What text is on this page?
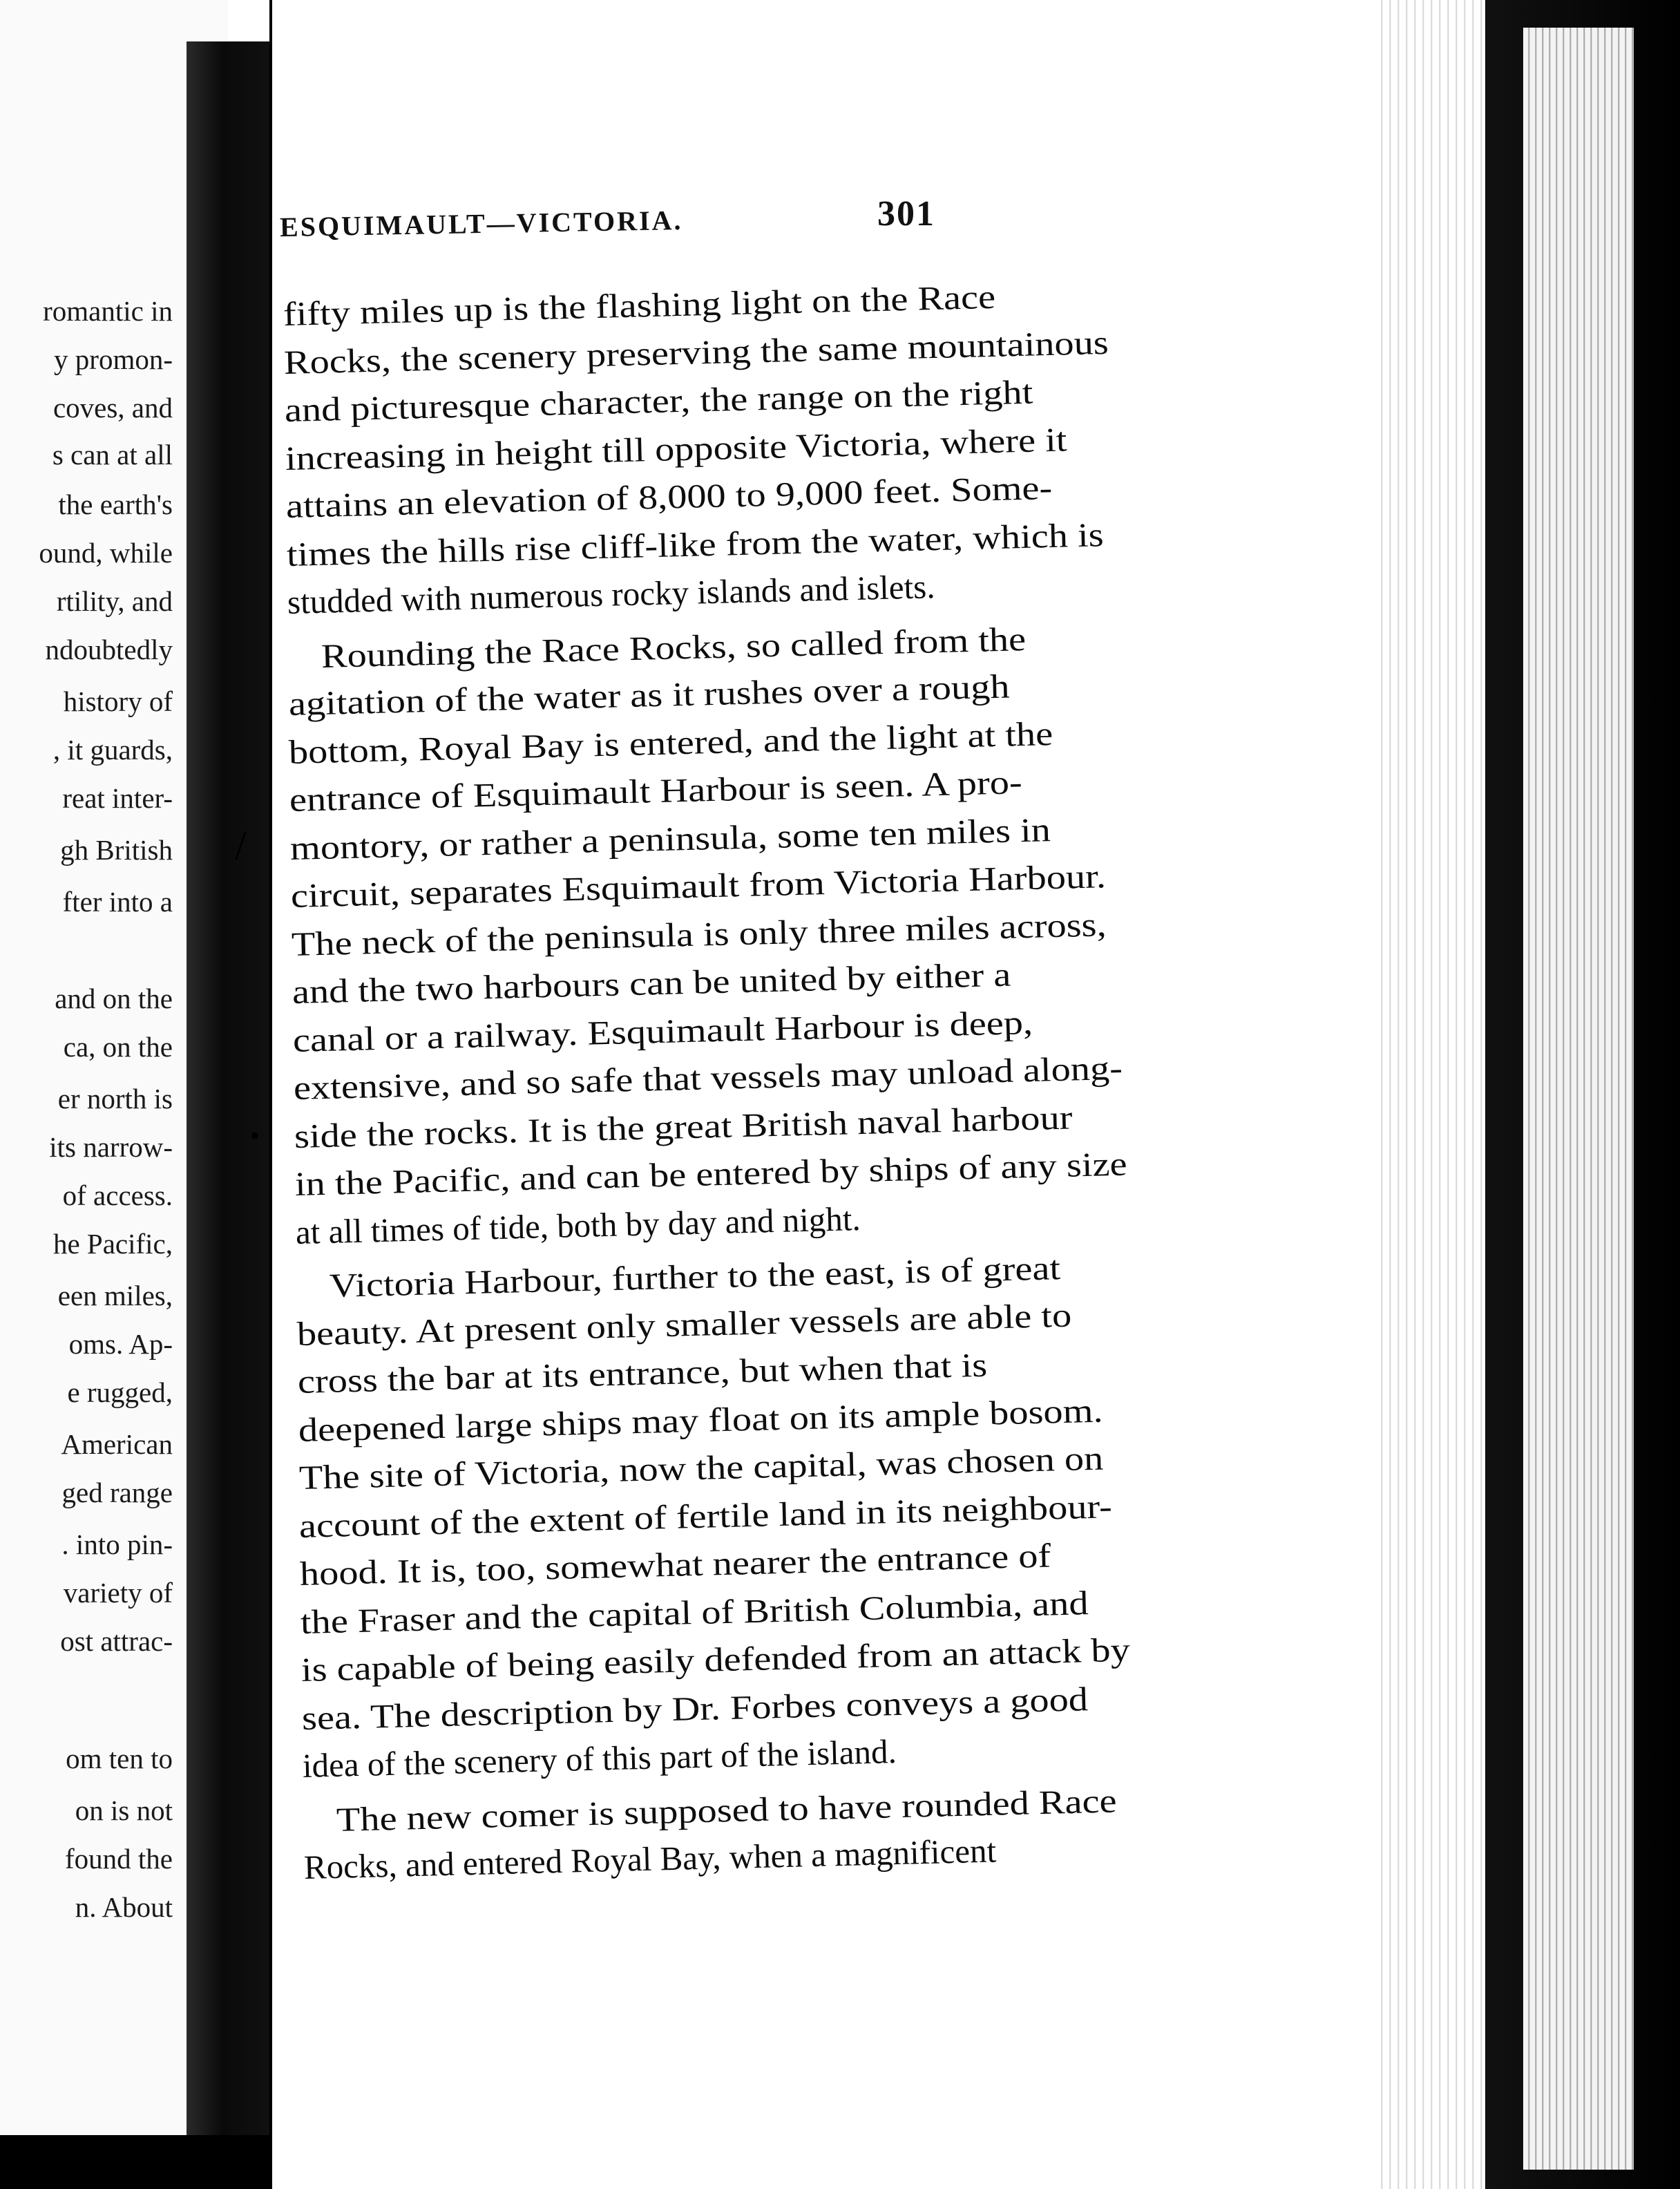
romantic in
y promon-
coves, and
s can at all
the earth's
ound, while
rtility, and
ndoubtedly
history of
, it guards,
reat inter-
gh British
fter into a
and on the
ca, on the
er north is
its narrow-
of access.
he Pacific,
een miles,
oms. Ap-
e rugged,
American
ged range
. into pin-
variety of
ost attrac-
om ten to
on is not
found the
n. About
ESQUIMAULT—VICTORIA.	301
fifty miles up is the flashing light on the Race
Rocks, the scenery preserving the same mountainous
and picturesque character, the range on the right
increasing in height till opposite Victoria, where it
attains an elevation of 8,000 to 9,000 feet. Some-
times the hills rise cliff-like from the water, which is
studded with numerous rocky islands and islets.
Rounding the Race Rocks, so called from the
agitation of the water as it rushes over a rough
bottom, Royal Bay is entered, and the light at the
entrance of Esquimault Harbour is seen. A pro-
montory, or rather a peninsula, some ten miles in
circuit, separates Esquimault from Victoria Harbour.
The neck of the peninsula is only three miles across,
and the two harbours can be united by either a
canal or a railway. Esquimault Harbour is deep,
extensive, and so safe that vessels may unload along-
side the rocks. It is the great British naval harbour
in the Pacific, and can be entered by ships of any size
at all times of tide, both by day and night.
Victoria Harbour, further to the east, is of great
beauty. At present only smaller vessels are able to
cross the bar at its entrance, but when that is
deepened large ships may float on its ample bosom.
The site of Victoria, now the capital, was chosen on
account of the extent of fertile land in its neighbour-
hood. It is, too, somewhat nearer the entrance of
the Fraser and the capital of British Columbia, and
is capable of being easily defended from an attack by
sea. The description by Dr. Forbes conveys a good
idea of the scenery of this part of the island.
The new comer is supposed to have rounded Race
Rocks, and entered Royal Bay, when a magnificent
/
•
